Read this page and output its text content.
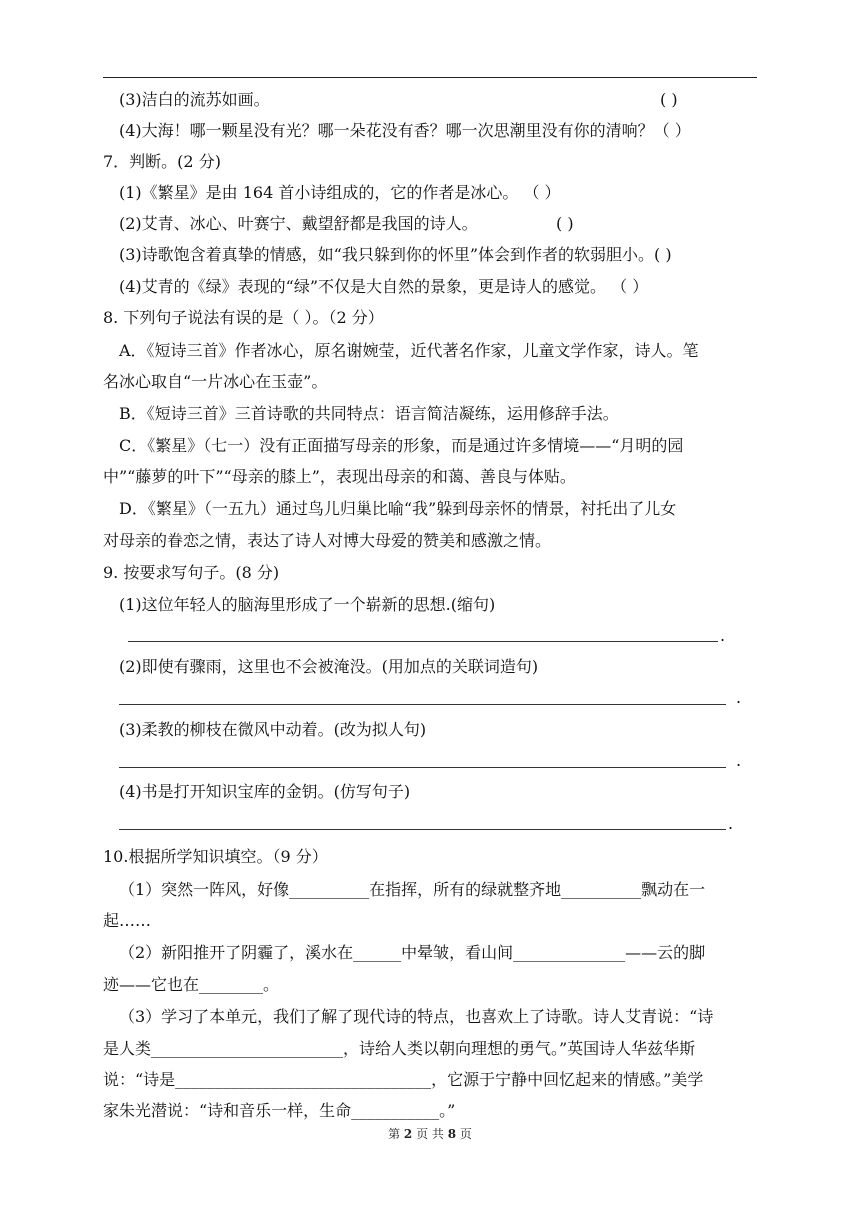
(3)洁白的流苏如画。	( )
(4)大海！哪一颗星没有光？哪一朵花没有香？哪一次思潮里没有你的清响？（ ）
7．判断。(2 分)
(1)《繁星》是由 164 首小诗组成的，它的作者是冰心。 （ ）
(2)艾青、冰心、叶赛宁、戴望舒都是我国的诗人。	( )
(3)诗歌饱含着真挚的情感，如“我只躲到你的怀里”体会到作者的软弱胆小。( )
(4)艾青的《绿》表现的“绿”不仅是大自然的景象，更是诗人的感觉。 （ ）
8. 下列句子说法有误的是（ ）。（2 分）
A．《短诗三首》作者冰心，原名谢婉莹，近代著名作家，儿童文学作家，诗人。笔
名冰心取自“一片冰心在玉壶”。
B．《短诗三首》三首诗歌的共同特点：语言简洁凝练，运用修辞手法。
C．《繁星》（七一）没有正面描写母亲的形象，而是通过许多情境——“月明的园
中”“藤萝的叶下”“母亲的膝上”，表现出母亲的和蔼、善良与体贴。
D．《繁星》（一五九）通过鸟儿归巢比喻“我”躲到母亲怀的情景，衬托出了儿女
对母亲的眷恋之情，表达了诗人对博大母爱的赞美和感激之情。
9. 按要求写句子。(8 分)
(1)这位年轻人的脑海里形成了一个崭新的思想.(缩句)
.
(2)即使有骤雨，这里也不会被淹没。(用加点的关联词造句)
.
(3)柔教的柳枝在微风中动着。(改为拟人句)
.
(4)书是打开知识宝库的金钥。(仿写句子)
.
10.根据所学知识填空。（9 分）
（1）突然一阵风，好像__________在指挥，所有的绿就整齐地__________飘动在一
起……
（2）新阳推开了阴霾了，溪水在______中晕皱，看山间______________——云的脚
迹——它也在________。
（3）学习了本单元，我们了解了现代诗的特点，也喜欢上了诗歌。诗人艾青说：“诗
是人类________________________，诗给人类以朝向理想的勇气。”英国诗人华兹华斯
说：“诗是________________________________，它源于宁静中回忆起来的情感。”美学
家朱光潜说：“诗和音乐一样，生命___________。”
第 2 页 共 8 页
